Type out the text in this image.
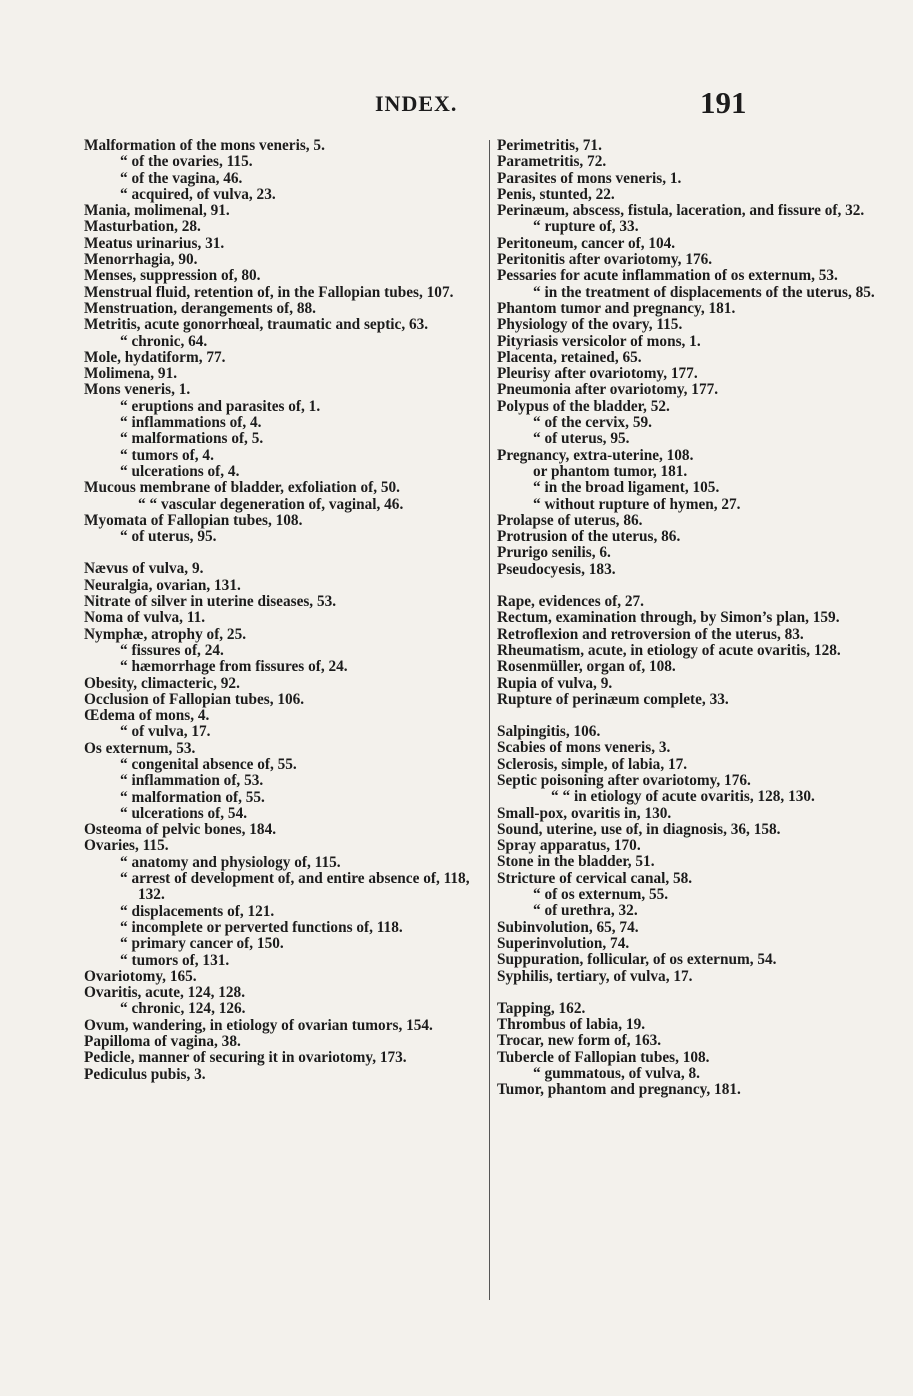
INDEX.	191
Malformation of the mons veneris, 5.
“ of the ovaries, 115.
“ of the vagina, 46.
“ acquired, of vulva, 23.
Mania, molimenal, 91.
Masturbation, 28.
Meatus urinarius, 31.
Menorrhagia, 90.
Menses, suppression of, 80.
Menstrual fluid, retention of, in the Fallopian tubes, 107.
Menstruation, derangements of, 88.
Metritis, acute gonorrhœal, traumatic and septic, 63.
“ chronic, 64.
Mole, hydatiform, 77.
Molimena, 91.
Mons veneris, 1.
“ eruptions and parasites of, 1.
“ inflammations of, 4.
“ malformations of, 5.
“ tumors of, 4.
“ ulcerations of, 4.
Mucous membrane of bladder, exfoliation of, 50.
“ “ vascular degeneration of, vaginal, 46.
Myomata of Fallopian tubes, 108.
“ of uterus, 95.
Nævus of vulva, 9.
Neuralgia, ovarian, 131.
Nitrate of silver in uterine diseases, 53.
Noma of vulva, 11.
Nymphæ, atrophy of, 25.
“ fissures of, 24.
“ hæmorrhage from fissures of, 24.
Obesity, climacteric, 92.
Occlusion of Fallopian tubes, 106.
Œdema of mons, 4.
“ of vulva, 17.
Os externum, 53.
“ congenital absence of, 55.
“ inflammation of, 53.
“ malformation of, 55.
“ ulcerations of, 54.
Osteoma of pelvic bones, 184.
Ovaries, 115.
“ anatomy and physiology of, 115.
“ arrest of development of, and entire absence of, 118, 132.
“ displacements of, 121.
“ incomplete or perverted functions of, 118.
“ primary cancer of, 150.
“ tumors of, 131.
Ovariotomy, 165.
Ovaritis, acute, 124, 128.
“ chronic, 124, 126.
Ovum, wandering, in etiology of ovarian tumors, 154.
Papilloma of vagina, 38.
Pedicle, manner of securing it in ovariotomy, 173.
Pediculus pubis, 3.
Perimetritis, 71.
Parametritis, 72.
Parasites of mons veneris, 1.
Penis, stunted, 22.
Perinæum, abscess, fistula, laceration, and fissure of, 32.
“ rupture of, 33.
Peritoneum, cancer of, 104.
Peritonitis after ovariotomy, 176.
Pessaries for acute inflammation of os externum, 53.
“ in the treatment of displacements of the uterus, 85.
Phantom tumor and pregnancy, 181.
Physiology of the ovary, 115.
Pityriasis versicolor of mons, 1.
Placenta, retained, 65.
Pleurisy after ovariotomy, 177.
Pneumonia after ovariotomy, 177.
Polypus of the bladder, 52.
“ of the cervix, 59.
“ of uterus, 95.
Pregnancy, extra-uterine, 108.
or phantom tumor, 181.
“ in the broad ligament, 105.
“ without rupture of hymen, 27.
Prolapse of uterus, 86.
Protrusion of the uterus, 86.
Prurigo senilis, 6.
Pseudocyesis, 183.
Rape, evidences of, 27.
Rectum, examination through, by Simon’s plan, 159.
Retroflexion and retroversion of the uterus, 83.
Rheumatism, acute, in etiology of acute ovaritis, 128.
Rosenmüller, organ of, 108.
Rupia of vulva, 9.
Rupture of perinæum complete, 33.
Salpingitis, 106.
Scabies of mons veneris, 3.
Sclerosis, simple, of labia, 17.
Septic poisoning after ovariotomy, 176.
“ “ in etiology of acute ovaritis, 128, 130.
Small-pox, ovaritis in, 130.
Sound, uterine, use of, in diagnosis, 36, 158.
Spray apparatus, 170.
Stone in the bladder, 51.
Stricture of cervical canal, 58.
“ of os externum, 55.
“ of urethra, 32.
Subinvolution, 65, 74.
Superinvolution, 74.
Suppuration, follicular, of os externum, 54.
Syphilis, tertiary, of vulva, 17.
Tapping, 162.
Thrombus of labia, 19.
Trocar, new form of, 163.
Tubercle of Fallopian tubes, 108.
“ gummatous, of vulva, 8.
Tumor, phantom and pregnancy, 181.
